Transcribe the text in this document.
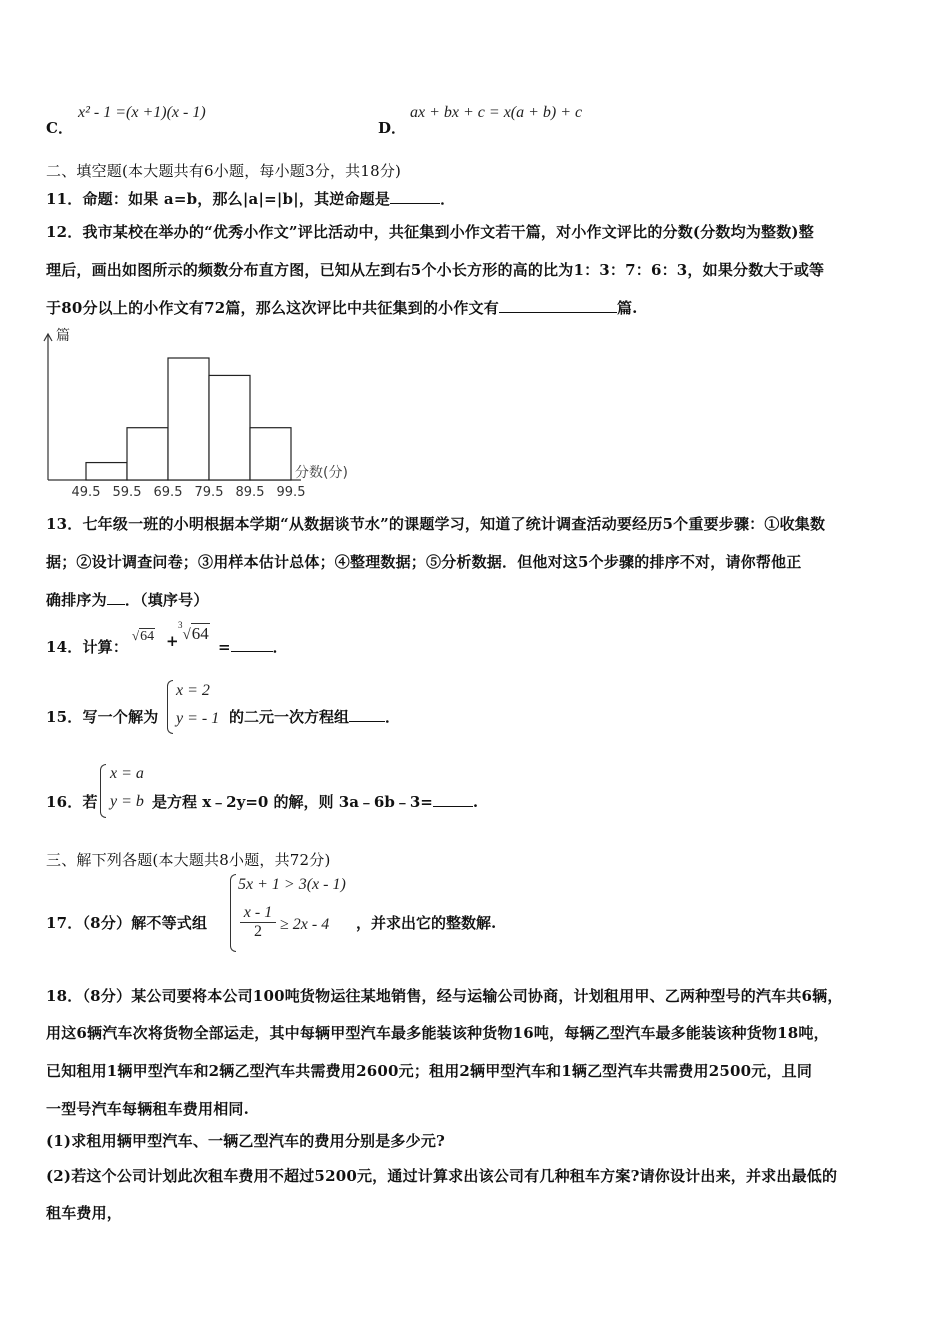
C．
x² - 1 =(x +1)(x - 1)
D．
ax + bx + c = x(a + b) + c
二、填空题(本大题共有6小题，每小题3分，共18分)
11．命题：如果 a=b，那么|a|=|b|，其逆命题是	．
12．我市某校在举办的“优秀小作文”评比活动中，共征集到小作文若干篇，对小作文评比的分数(分数均为整数)整
理后，画出如图所示的频数分布直方图，已知从左到右5个小长方形的高的比为1：3：7：6：3，如果分数大于或等
于80分以上的小作文有72篇，那么这次评比中共征集到的小作文有	篇.
篇
分数(分)
49.5 59.5 69.5 79.5 89.5 99.5
13．七年级一班的小明根据本学期“从数据谈节水”的课题学习，知道了统计调查活动要经历5个重要步骤：①收集数
据；②设计调查问卷；③用样本估计总体；④整理数据；⑤分析数据．但他对这5个步骤的排序不对，请你帮他正
确排序为 ．（填序号）
14．计算：
√64 +
$^3$√64
=	．
15．写一个解为
x = 2
y = - 1 的二元一次方程组 ．
16．若
x = a
y = b 是方程 x﹣2y=0 的解，则 3a﹣6b﹣3=	.
三、解下列各题(本大题共8小题，共72分)
17．（8分）解不等式组
5x + 1 > 3(x - 1)
$\frac{x - 1}{2} \ge 2x - 4$ ，并求出它的整数解.
18．（8分）某公司要将本公司100吨货物运往某地销售，经与运输公司协商，计划租用甲、乙两种型号的汽车共6辆，
用这6辆汽车次将货物全部运走，其中每辆甲型汽车最多能装该种货物16吨，每辆乙型汽车最多能装该种货物18吨，
已知租用1辆甲型汽车和2辆乙型汽车共需费用2600元；租用2辆甲型汽车和1辆乙型汽车共需费用2500元，且同
一型号汽车每辆租车费用相同.
(1)求租用辆甲型汽车、一辆乙型汽车的费用分别是多少元?
(2)若这个公司计划此次租车费用不超过5200元，通过计算求出该公司有几种租车方案?请你设计出来，并求出最低的
租车费用，
